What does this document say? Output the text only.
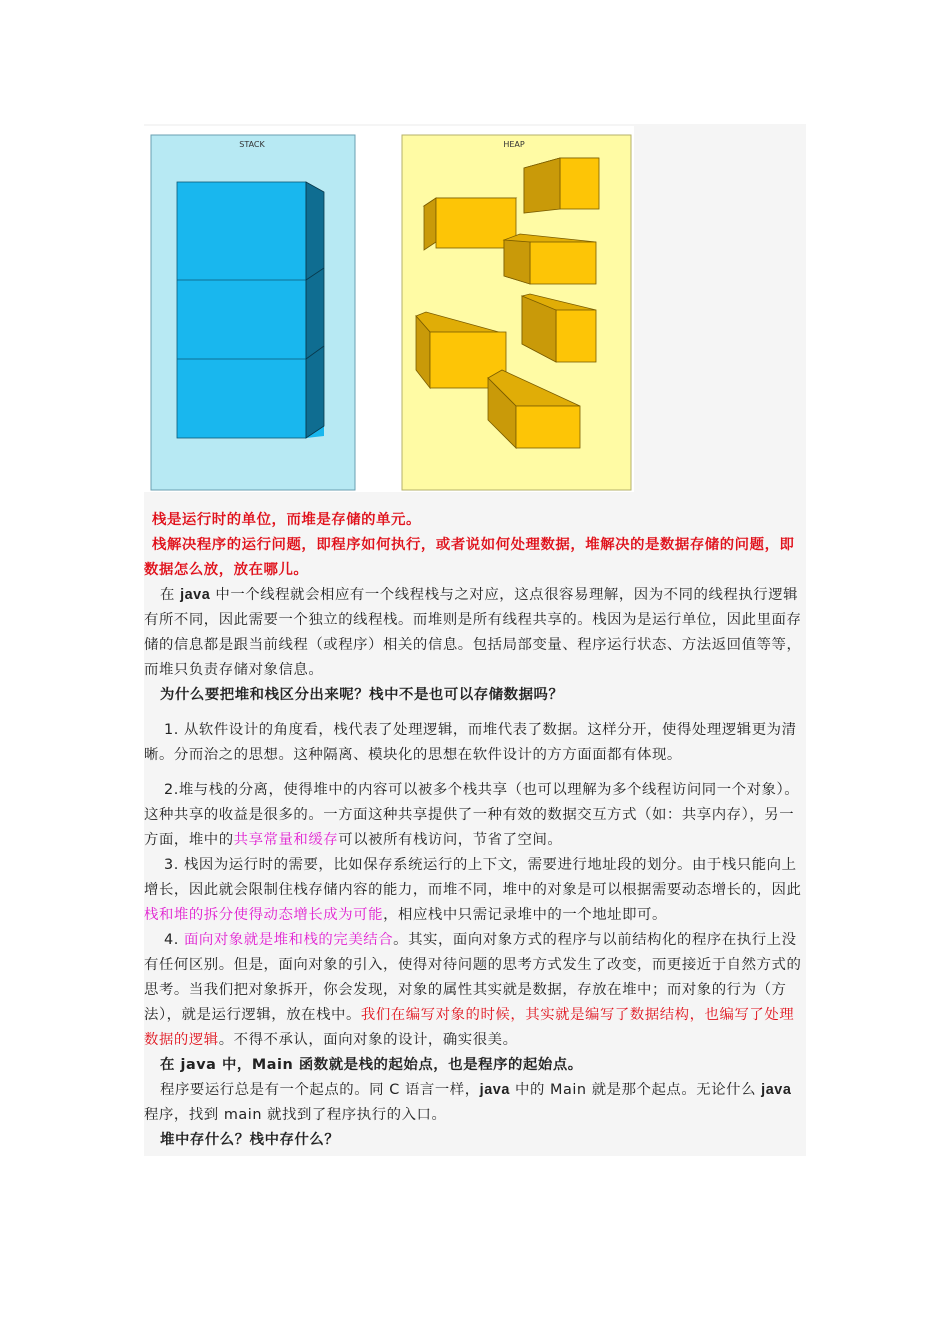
STACK	HEAP

栈是运行时的单位，而堆是存储的单元。

栈解决程序的运行问题，即程序如何执行，或者说如何处理数据，堆解决的是数据存储的问题，即数据怎么放，放在哪儿。

在 java 中一个线程就会相应有一个线程栈与之对应，这点很容易理解，因为不同的线程执行逻辑有所不同，因此需要一个独立的线程栈。而堆则是所有线程共享的。栈因为是运行单位，因此里面存储的信息都是跟当前线程（或程序）相关的信息。包括局部变量、程序运行状态、方法返回值等等，而堆只负责存储对象信息。

为什么要把堆和栈区分出来呢？栈中不是也可以存储数据吗？

1. 从软件设计的角度看，栈代表了处理逻辑，而堆代表了数据。这样分开，使得处理逻辑更为清晰。分而治之的思想。这种隔离、模块化的思想在软件设计的方方面面都有体现。

2.堆与栈的分离，使得堆中的内容可以被多个栈共享（也可以理解为多个线程访问同一个对象）。这种共享的收益是很多的。一方面这种共享提供了一种有效的数据交互方式（如：共享内存），另一方面，堆中的共享常量和缓存可以被所有栈访问，节省了空间。

3. 栈因为运行时的需要，比如保存系统运行的上下文，需要进行地址段的划分。由于栈只能向上增长，因此就会限制住栈存储内容的能力，而堆不同，堆中的对象是可以根据需要动态增长的，因此栈和堆的拆分使得动态增长成为可能，相应栈中只需记录堆中的一个地址即可。

4. 面向对象就是堆和栈的完美结合。其实，面向对象方式的程序与以前结构化的程序在执行上没有任何区别。但是，面向对象的引入，使得对待问题的思考方式发生了改变，而更接近于自然方式的思考。当我们把对象拆开，你会发现，对象的属性其实就是数据，存放在堆中；而对象的行为（方法），就是运行逻辑，放在栈中。我们在编写对象的时候，其实就是编写了数据结构，也编写了处理数据的逻辑。不得不承认，面向对象的设计，确实很美。

在 java 中，Main 函数就是栈的起始点，也是程序的起始点。

程序要运行总是有一个起点的。同 C 语言一样，java 中的 Main 就是那个起点。无论什么 java 程序，找到 main 就找到了程序执行的入口。

堆中存什么？栈中存什么？
